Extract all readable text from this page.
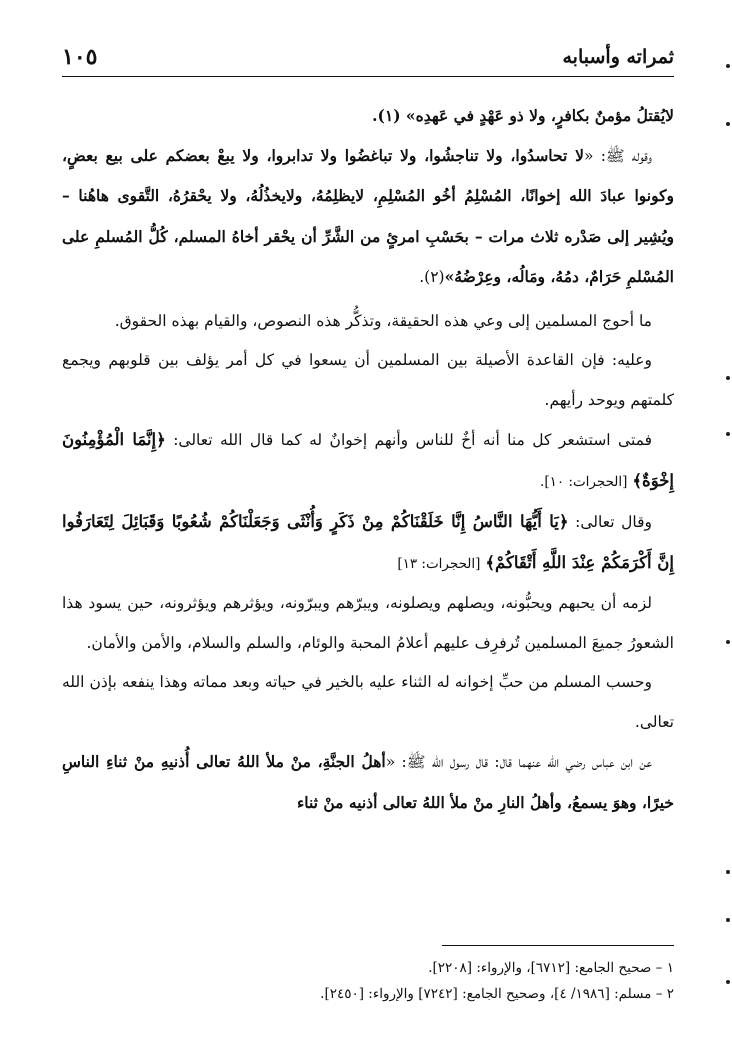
ثمراته وأسبابه
١٠٥

لايُقتلُ مؤمنٌ بكافرٍ، ولا ذو عَهْدٍ في عَهدِه» (١).

وقوله ﷺ: «لا تحاسدُوا، ولا تناجشُوا، ولا تباغضُوا ولا تدابروا، ولا يبعْ بعضكم على بيع بعضٍ، وكونوا عبادَ الله إخوانًا، المُسْلِمُ أخُو المُسْلِمِ، لايظلِمُهُ، ولايخذُلُهُ، ولا يحْقرُهُ، التَّقوى هاهُنا – ويُشِير إلى صَدْره ثلاث مرات – بحَسْبِ امرئٍ من الشَّرِّ أن يحْقر أخاهُ المسلم، كُلُّ المُسلمِ على المُسْلمِ حَرَامٌ، دمُهُ، ومَالُه، وعِرْضُهُ»(٢).

ما أحوج المسلمين إلى وعي هذه الحقيقة، وتذكُّر هذه النصوص، والقيام بهذه الحقوق.

وعليه: فإن القاعدة الأصيلة بين المسلمين أن يسعوا في كل أمر يؤلف بين قلوبهم ويجمع كلمتهم ويوحد رأيهم.

فمتى استشعر كل منا أنه أخٌ للناس وأنهم إخوانٌ له كما قال الله تعالى: ﴿إِنَّمَا الْمُؤْمِنُونَ إِخْوَةٌ﴾ [الحجرات: ١٠].

وقال تعالى: ﴿يَا أَيُّهَا النَّاسُ إِنَّا خَلَقْنَاكُمْ مِنْ ذَكَرٍ وَأُنْثَى وَجَعَلْنَاكُمْ شُعُوبًا وَقَبَائِلَ لِتَعَارَفُوا إِنَّ أَكْرَمَكُمْ عِنْدَ اللَّهِ أَتْقَاكُمْ﴾ [الحجرات: ١٣]

لزمه أن يحبهم ويحبُّونه، ويصلهم ويصلونه، ويبرّهم ويبرّونه، ويؤثرهم ويؤثرونه، حين يسود هذا الشعورُ جميعَ المسلمين تُرفرِف عليهم أعلامُ المحبة والوئام، والسلم والسلام، والأمن والأمان.

وحسب المسلم من حبِّ إخوانه له الثناء عليه بالخير في حياته وبعد مماته وهذا ينفعه بإذن الله تعالى.

عن ابن عباس رضي الله عنهما قال: قال رسول الله ﷺ: «أهلُ الجنَّةِ، منْ ملأ اللهُ تعالى أُذنيهِ منْ ثناءِ الناسِ خيرًا، وهوَ يسمعُ، وأهلُ النارِ منْ ملأ اللهُ تعالى أذنيه منْ ثناء

١ – صحيح الجامع: [٦٧١٢]، والإرواء: [٢٢٠٨].

٢ – مسلم: [١٩٨٦/ ٤]، وصحيح الجامع: [٧٢٤٢] والإرواء: [٢٤٥٠].
